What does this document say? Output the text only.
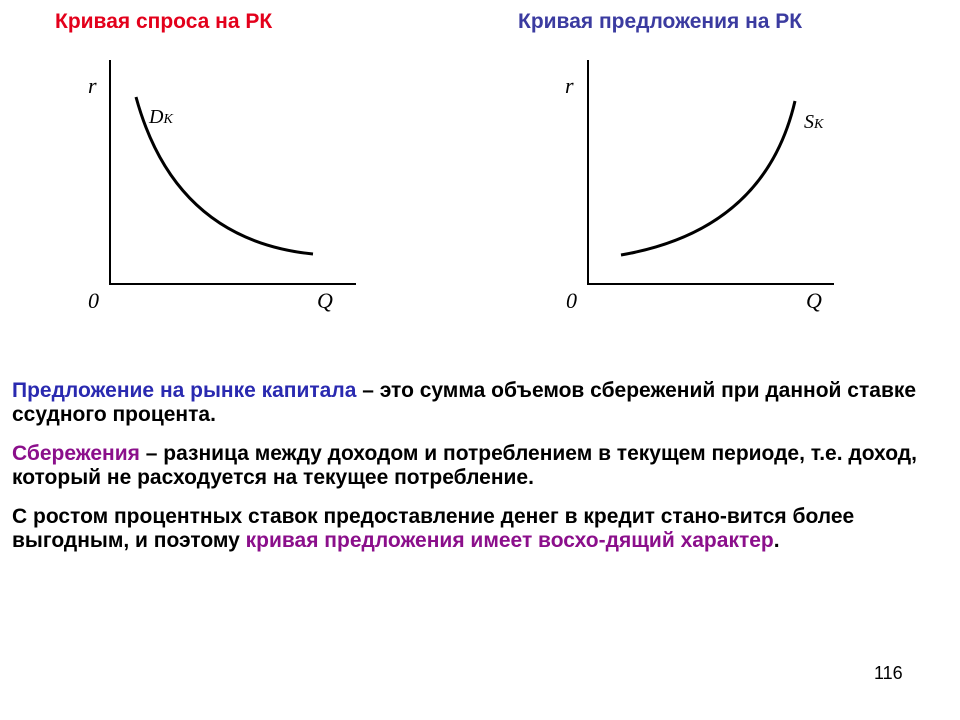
Кривая спроса на РК	Кривая предложения на РК
r
0	Q
DK
r
0	Q
SK
Предложение на рынке капитала – это сумма объемов сбережений при данной ставке ссудного процента.
Сбережения – разница между доходом и потреблением в текущем периоде, т.е. доход, который не расходуется на текущее потребление.
С ростом процентных ставок предоставление денег в кредит стано-вится более выгодным, и поэтому кривая предложения имеет восхо-дящий характер.
116
